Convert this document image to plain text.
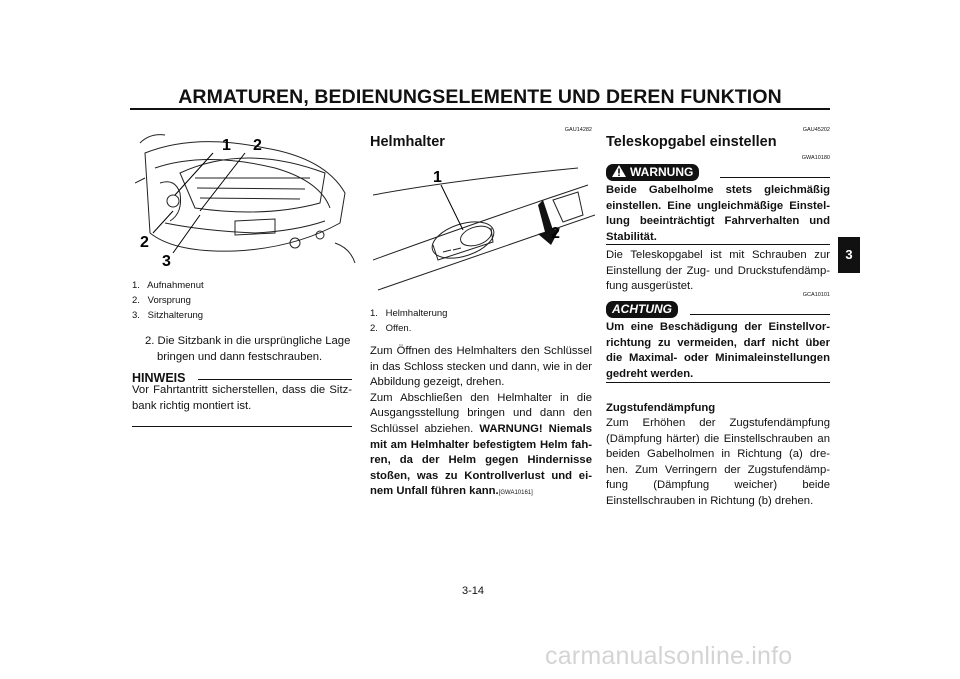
ARMATUREN, BEDIENUNGSELEMENTE UND DEREN FUNKTION
3
1 2
2
3
1. Aufnahmenut
2. Vorsprung
3. Sitzhalterung
2. Die Sitzbank in die ursprüngliche Lage bringen und dann festschrauben.
HINWEIS
Vor Fahrtantritt sicherstellen, dass die Sitz-bank richtig montiert ist.
GAU14282
Helmhalter
1
2
1. Helmhalterung
2. Offen.
Zum Öffnen des Helmhalters den Schlüssel in das Schloss stecken und dann, wie in der Abbildung gezeigt, drehen.
Zum Abschließen den Helmhalter in die Ausgangsstellung bringen und dann den Schlüssel abziehen. WARNUNG! Niemals mit am Helmhalter befestigtem Helm fah-ren, da der Helm gegen Hindernisse stoßen, was zu Kontrollverlust und ei-nem Unfall führen kann.[GWA10161]
GAU45202
Teleskopgabel einstellen
GWA10180
WARNUNG
Beide Gabelholme stets gleichmäßig einstellen. Eine ungleichmäßige Einstel-lung beeinträchtigt Fahrverhalten und Stabilität.
Die Teleskopgabel ist mit Schrauben zur Einstellung der Zug- und Druckstufendämp-fung ausgerüstet.
GCA10101
ACHTUNG
Um eine Beschädigung der Einstellvor-richtung zu vermeiden, darf nicht über die Maximal- oder Minimaleinstellungen gedreht werden.
Zugstufendämpfung
Zum Erhöhen der Zugstufendämpfung (Dämpfung härter) die Einstellschrauben an beiden Gabelholmen in Richtung (a) dre-hen. Zum Verringern der Zugstufendämp-fung (Dämpfung weicher) beide Einstellschrauben in Richtung (b) drehen.
3-14
carmanualsonline.info
